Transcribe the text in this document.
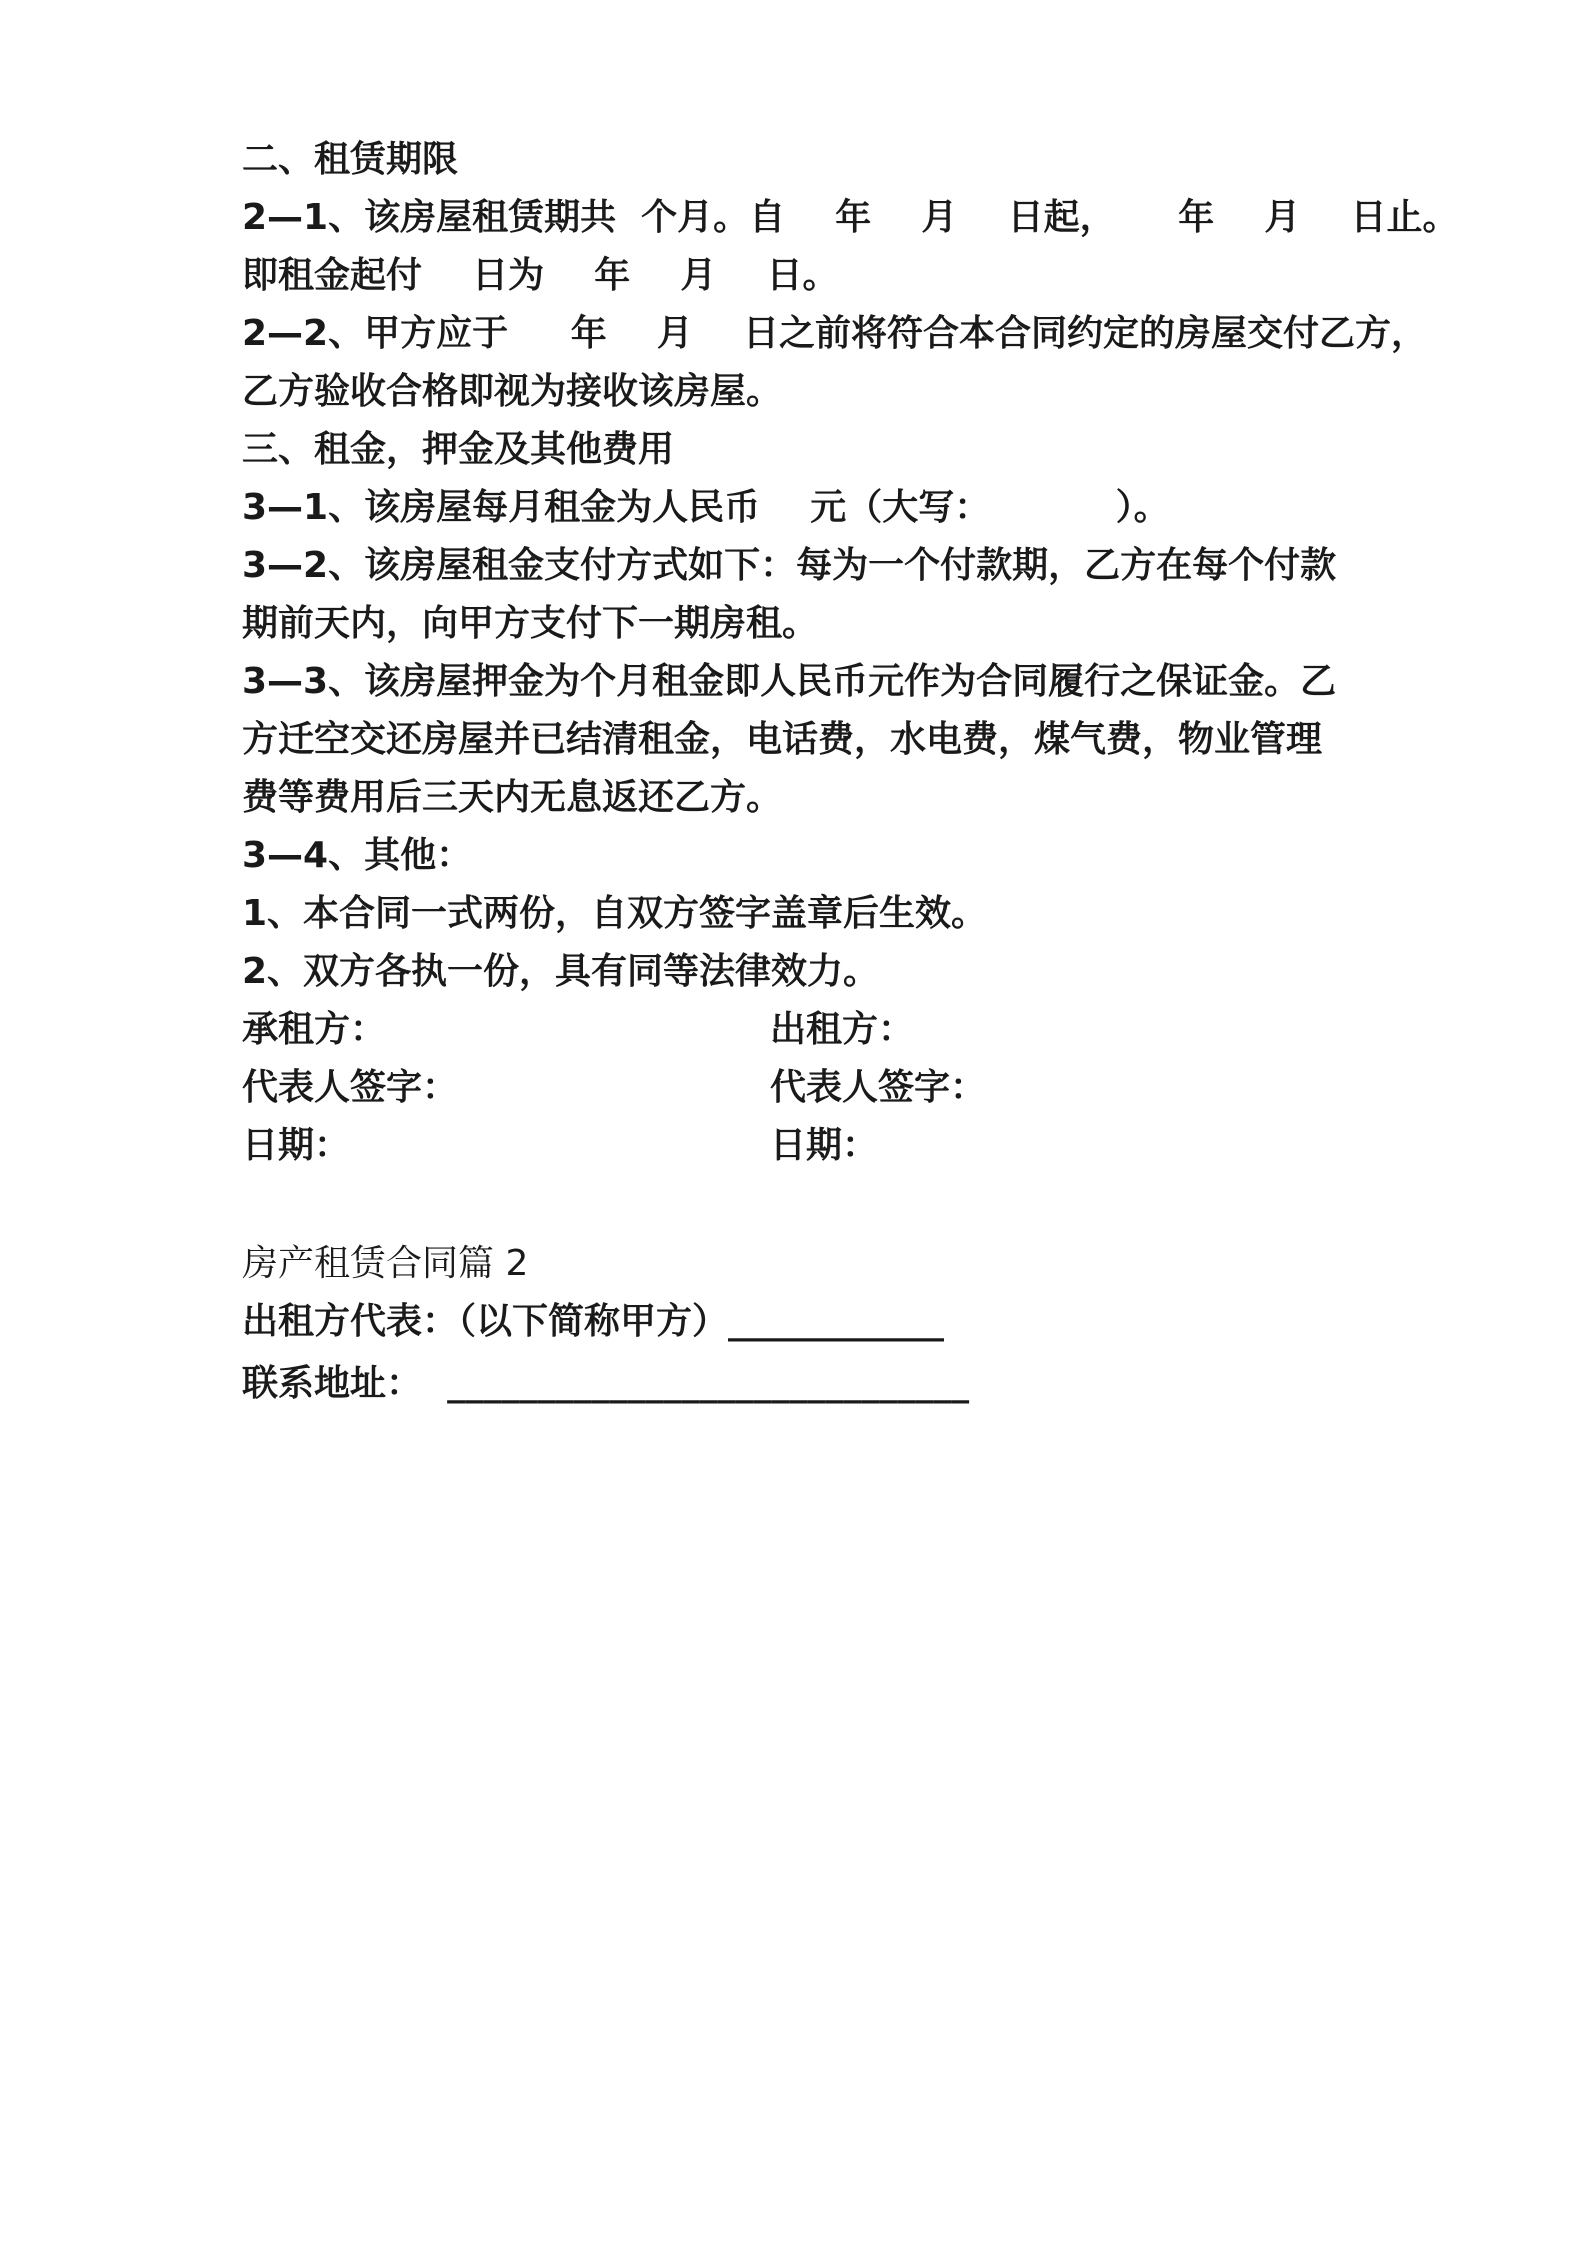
二、租赁期限
2—1、该房屋租赁期共  个月。自    年    月    日起，     年    月    日止。
即租金起付    日为    年    月    日。
2—2、甲方应于     年    月    日之前将符合本合同约定的房屋交付乙方，
乙方验收合格即视为接收该房屋。
三、租金，押金及其他费用
3—1、该房屋每月租金为人民币    元（大写：          ）。
3—2、该房屋租金支付方式如下：每为一个付款期，乙方在每个付款
期前天内，向甲方支付下一期房租。
3—3、该房屋押金为个月租金即人民币元作为合同履行之保证金。乙
方迁空交还房屋并已结清租金，电话费，水电费，煤气费，物业管理
费等费用后三天内无息返还乙方。
3—4、其他：
1、本合同一式两份，自双方签字盖章后生效。
2、双方各执一份，具有同等法律效力。
承租方：	出租方：
代表人签字：	代表人签字：
日期：	日期：
房产租赁合同篇 2
出租方代表：（以下简称甲方）____________
联系地址：  _____________________________
